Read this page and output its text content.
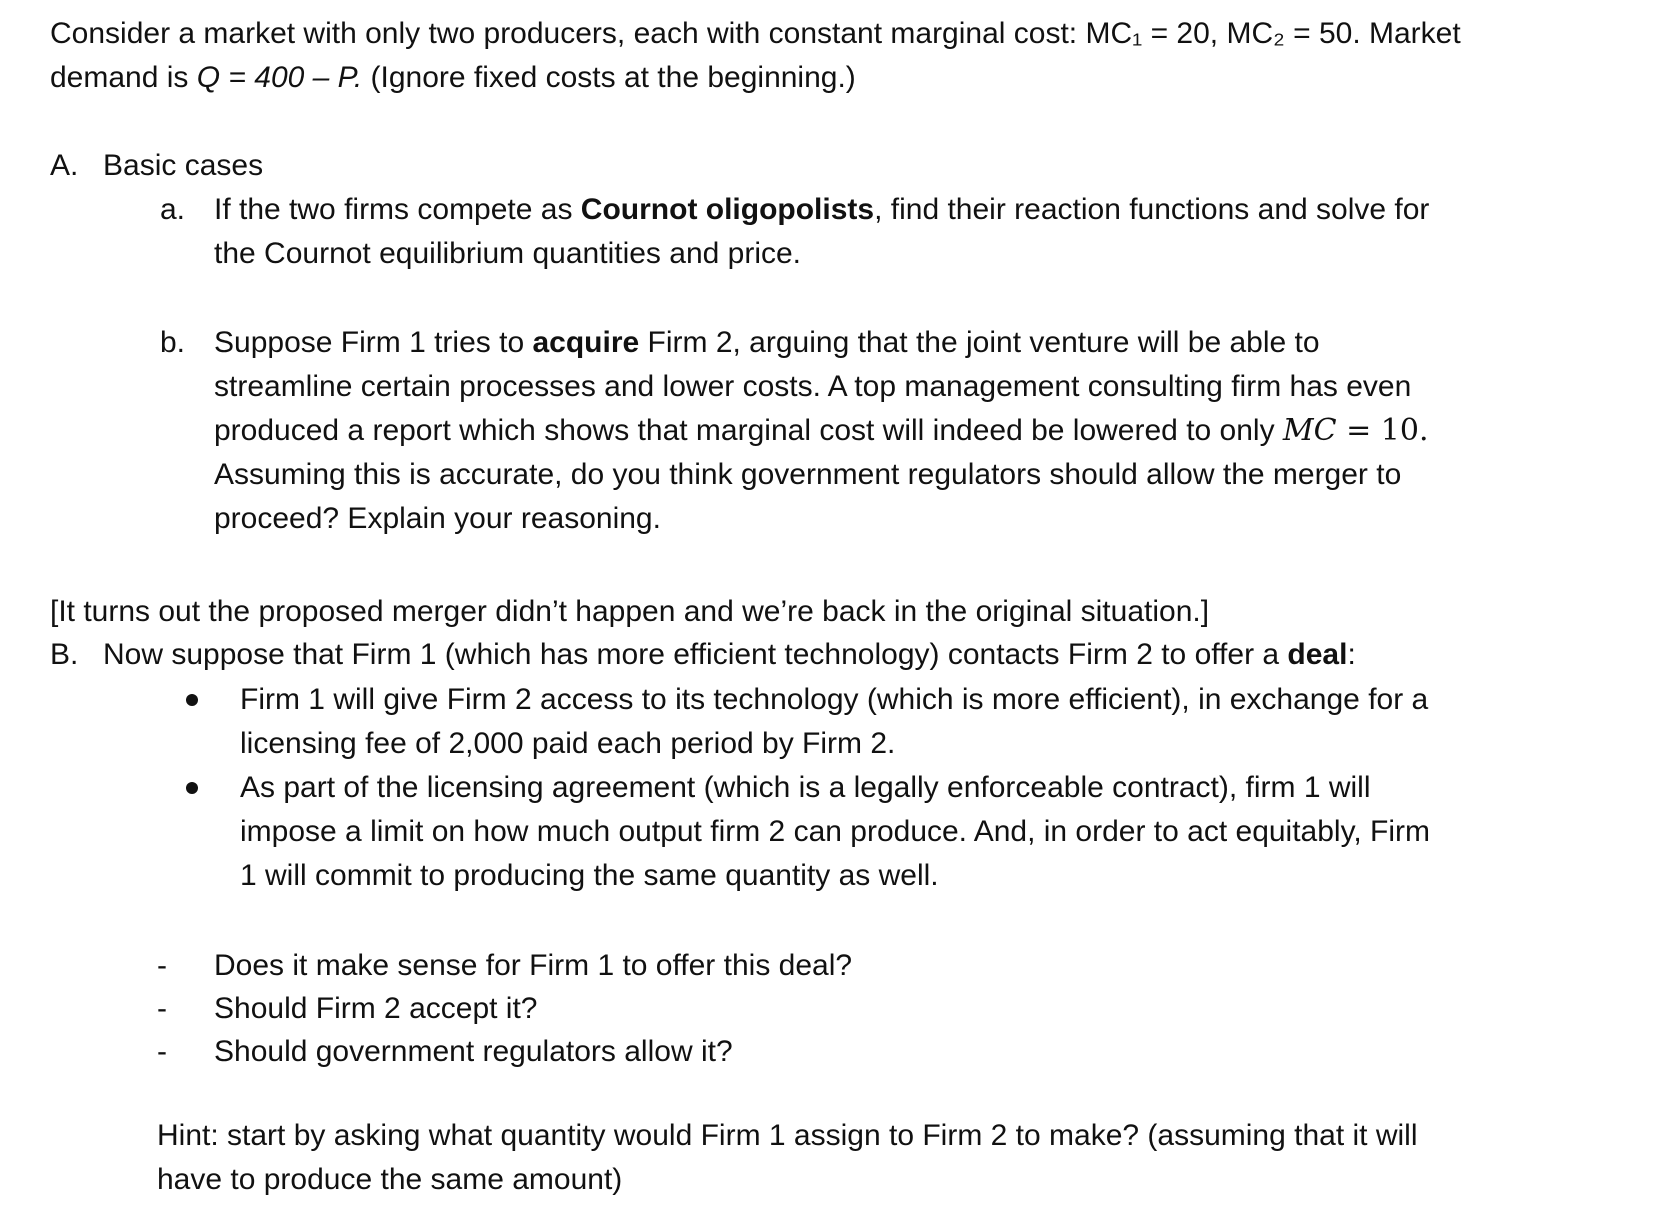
Consider a market with only two producers, each with constant marginal cost: MC₁ = 20, MC₂ = 50. Market

demand is Q = 400 – P. (Ignore fixed costs at the beginning.)

A. Basic cases
a. If the two firms compete as Cournot oligopolists, find their reaction functions and solve for

the Cournot equilibrium quantities and price.

b. Suppose Firm 1 tries to acquire Firm 2, arguing that the joint venture will be able to

streamline certain processes and lower costs. A top management consulting firm has even

produced a report which shows that marginal cost will indeed be lowered to only MC = 10.

Assuming this is accurate, do you think government regulators should allow the merger to

proceed? Explain your reasoning.

[It turns out the proposed merger didn’t happen and we’re back in the original situation.]
B. Now suppose that Firm 1 (which has more efficient technology) contacts Firm 2 to offer a deal:

Firm 1 will give Firm 2 access to its technology (which is more efficient), in exchange for a

licensing fee of 2,000 paid each period by Firm 2.

As part of the licensing agreement (which is a legally enforceable contract), firm 1 will

impose a limit on how much output firm 2 can produce. And, in order to act equitably, Firm

1 will commit to producing the same quantity as well.

- Does it make sense for Firm 1 to offer this deal?
- Should Firm 2 accept it?
- Should government regulators allow it?

Hint: start by asking what quantity would Firm 1 assign to Firm 2 to make? (assuming that it will

have to produce the same amount)
